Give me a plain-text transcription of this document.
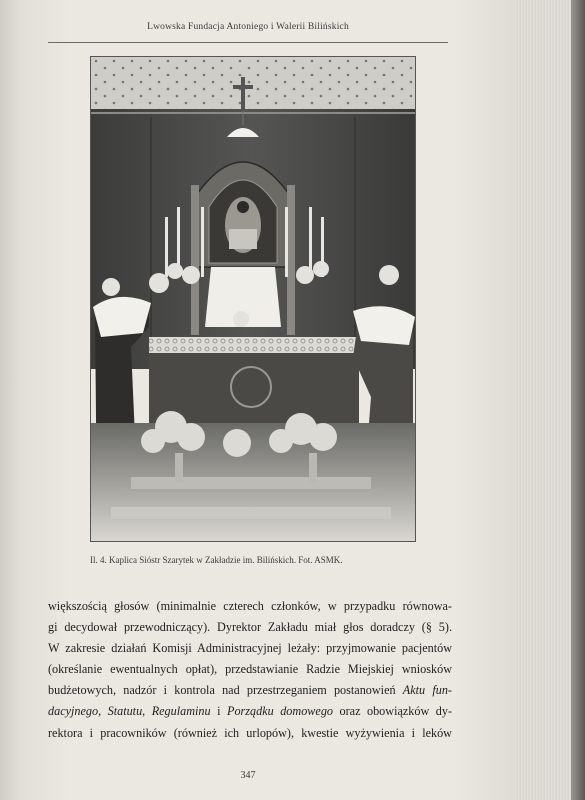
Lwowska Fundacja Antoniego i Walerii Bilińskich
Il. 4. Kaplica Sióstr Szarytek w Zakładzie im. Bilińskich. Fot. ASMK.
większością głosów (minimalnie czterech członków, w przypadku równowa-
gi decydował przewodniczący). Dyrektor Zakładu miał głos doradczy (§ 5).
W zakresie działań Komisji Administracyjnej leżały: przyjmowanie pacjentów
(określanie ewentualnych opłat), przedstawianie Radzie Miejskiej wniosków
budżetowych, nadzór i kontrola nad przestrzeganiem postanowień Aktu fun-
dacyjnego, Statutu, Regulaminu i Porządku domowego oraz obowiązków dy-
rektora i pracowników (również ich urlopów), kwestie wyżywienia i leków
347
